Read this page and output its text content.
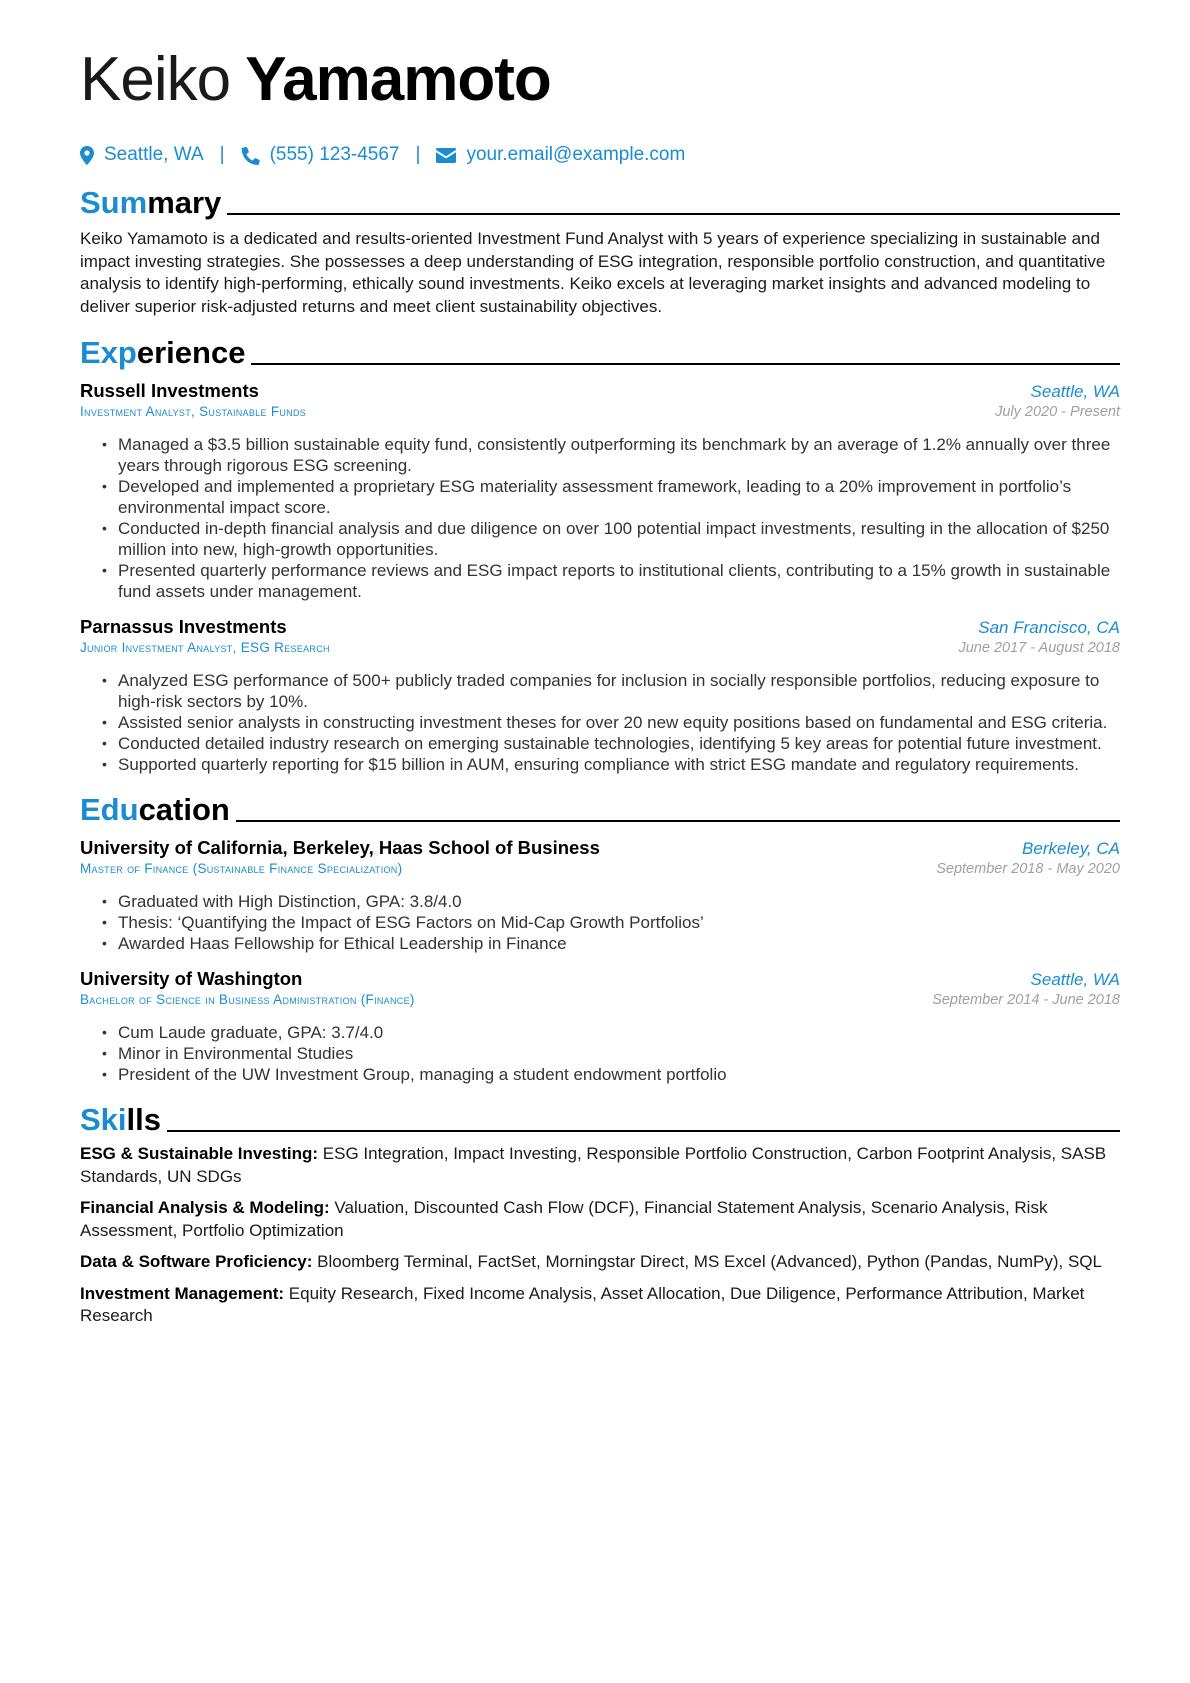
Keiko Yamamoto
Seattle, WA | (555) 123-4567 | your.email@example.com
Summary
Keiko Yamamoto is a dedicated and results-oriented Investment Fund Analyst with 5 years of experience specializing in sustainable and impact investing strategies. She possesses a deep understanding of ESG integration, responsible portfolio construction, and quantitative analysis to identify high-performing, ethically sound investments. Keiko excels at leveraging market insights and advanced modeling to deliver superior risk-adjusted returns and meet client sustainability objectives.
Experience
Russell Investments	Seattle, WA
Investment Analyst, Sustainable Funds	July 2020 - Present
• Managed a $3.5 billion sustainable equity fund, consistently outperforming its benchmark by an average of 1.2% annually over three years through rigorous ESG screening.
• Developed and implemented a proprietary ESG materiality assessment framework, leading to a 20% improvement in portfolio’s environmental impact score.
• Conducted in-depth financial analysis and due diligence on over 100 potential impact investments, resulting in the allocation of $250 million into new, high-growth opportunities.
• Presented quarterly performance reviews and ESG impact reports to institutional clients, contributing to a 15% growth in sustainable fund assets under management.
Parnassus Investments	San Francisco, CA
Junior Investment Analyst, ESG Research	June 2017 - August 2018
• Analyzed ESG performance of 500+ publicly traded companies for inclusion in socially responsible portfolios, reducing exposure to high-risk sectors by 10%.
• Assisted senior analysts in constructing investment theses for over 20 new equity positions based on fundamental and ESG criteria.
• Conducted detailed industry research on emerging sustainable technologies, identifying 5 key areas for potential future investment.
• Supported quarterly reporting for $15 billion in AUM, ensuring compliance with strict ESG mandate and regulatory requirements.
Education
University of California, Berkeley, Haas School of Business	Berkeley, CA
Master of Finance (Sustainable Finance Specialization)	September 2018 - May 2020
• Graduated with High Distinction, GPA: 3.8/4.0
• Thesis: ‘Quantifying the Impact of ESG Factors on Mid-Cap Growth Portfolios’
• Awarded Haas Fellowship for Ethical Leadership in Finance
University of Washington	Seattle, WA
Bachelor of Science in Business Administration (Finance)	September 2014 - June 2018
• Cum Laude graduate, GPA: 3.7/4.0
• Minor in Environmental Studies
• President of the UW Investment Group, managing a student endowment portfolio
Skills
ESG & Sustainable Investing: ESG Integration, Impact Investing, Responsible Portfolio Construction, Carbon Footprint Analysis, SASB Standards, UN SDGs
Financial Analysis & Modeling: Valuation, Discounted Cash Flow (DCF), Financial Statement Analysis, Scenario Analysis, Risk Assessment, Portfolio Optimization
Data & Software Proficiency: Bloomberg Terminal, FactSet, Morningstar Direct, MS Excel (Advanced), Python (Pandas, NumPy), SQL
Investment Management: Equity Research, Fixed Income Analysis, Asset Allocation, Due Diligence, Performance Attribution, Market Research
